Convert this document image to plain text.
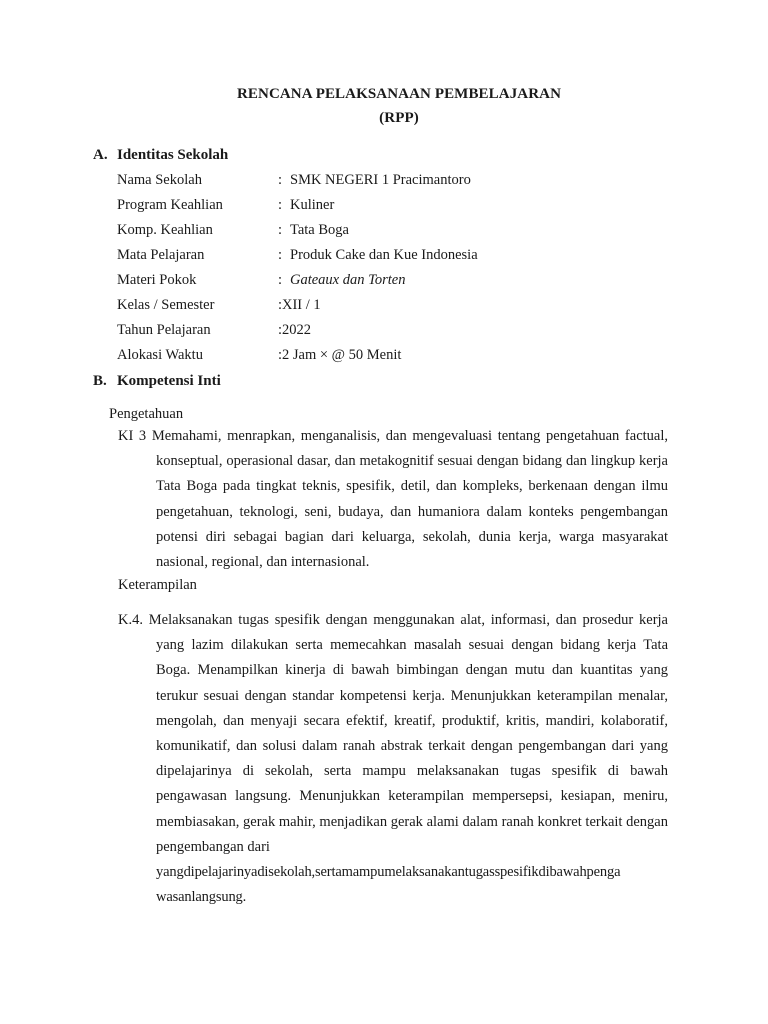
RENCANA PELAKSANAAN PEMBELAJARAN
(RPP)
A. Identitas Sekolah
Nama Sekolah	: SMK NEGERI 1 Pracimantoro
Program Keahlian	: Kuliner
Komp. Keahlian	: Tata Boga
Mata Pelajaran	: Produk Cake dan Kue Indonesia
Materi Pokok	: Gateaux dan Torten
Kelas / Semester	: XII / 1
Tahun Pelajaran	: 2022
Alokasi Waktu	: 2 Jam × @ 50 Menit
B. Kompetensi Inti
Pengetahuan
KI 3 Memahami, menrapkan, menganalisis, dan mengevaluasi tentang pengetahuan factual, konseptual, operasional dasar, dan metakognitif sesuai dengan bidang dan lingkup kerja Tata Boga pada tingkat teknis, spesifik, detil, dan kompleks, berkenaan dengan ilmu pengetahuan, teknologi, seni, budaya, dan humaniora dalam konteks pengembangan potensi diri sebagai bagian dari keluarga, sekolah, dunia kerja, warga masyarakat nasional, regional, dan internasional.
Keterampilan
K.4. Melaksanakan tugas spesifik dengan menggunakan alat, informasi, dan prosedur kerja yang lazim dilakukan serta memecahkan masalah sesuai dengan bidang kerja Tata Boga. Menampilkan kinerja di bawah bimbingan dengan mutu dan kuantitas yang terukur sesuai dengan standar kompetensi kerja. Menunjukkan keterampilan menalar, mengolah, dan menyaji secara efektif, kreatif, produktif, kritis, mandiri, kolaboratif, komunikatif, dan solusi dalam ranah abstrak terkait dengan pengembangan dari yang dipelajarinya di sekolah, serta mampu melaksanakan tugas spesifik di bawah pengawasan langsung. Menunjukkan keterampilan mempersepsi, kesiapan, meniru, membiasakan, gerak mahir, menjadikan gerak alami dalam ranah konkret terkait dengan pengembangan dari
yangdipelajarinyadisekolah,sertamampumelaksanakantugasspesifikdibawahpenga
wasanlangsung.
